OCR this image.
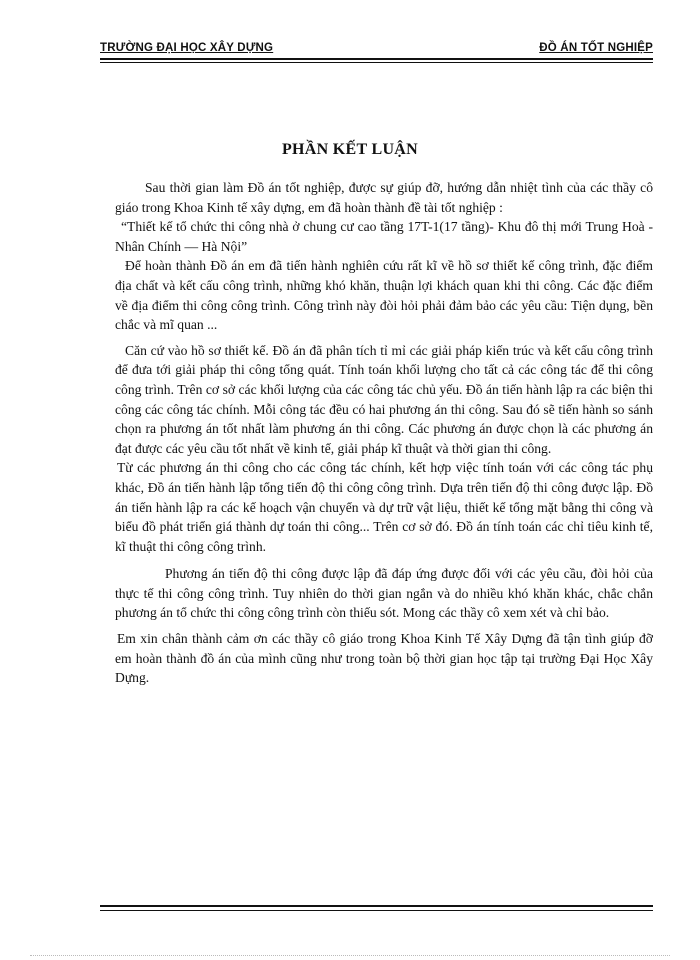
TRƯỜNG ĐẠI HỌC XÂY DỰNG	ĐỒ ÁN TỐT NGHIỆP
PHẦN KẾT LUẬN

Sau thời gian làm Đồ án tốt nghiệp, được sự giúp đỡ, hướng dẫn nhiệt tình của các thầy cô giáo trong Khoa Kinh tế xây dựng, em đã hoàn thành đề tài tốt nghiệp :

“Thiết kế tổ chức thi công nhà ở chung cư cao tầng 17T-1(17 tầng)- Khu đô thị mới Trung Hoà - Nhân Chính — Hà Nội”

Để hoàn thành Đồ án em đã tiến hành nghiên cứu rất kĩ về hồ sơ thiết kế công trình, đặc điểm địa chất và kết cấu công trình, những khó khăn, thuận lợi khách quan khi thi công. Các đặc điểm về địa điểm thi công công trình. Công trình này đòi hỏi phải đảm bảo các yêu cầu: Tiện dụng, bền chắc và mĩ quan ...

Căn cứ vào hồ sơ thiết kế. Đồ án đã phân tích tỉ mỉ các giải pháp kiến trúc và kết cấu công trình để đưa tới giải pháp thi công tổng quát. Tính toán khối lượng cho tất cả các công tác để thi công công trình. Trên cơ sở các khối lượng của các công tác chủ yếu. Đồ án tiến hành lập ra các biện thi công các công tác chính. Mỗi công tác đều có hai phương án thi công. Sau đó sẽ tiến hành so sánh chọn ra phương án tốt nhất làm phương án thi công. Các phương án được chọn là các phương án đạt được các yêu cầu tốt nhất về kinh tế, giải pháp kĩ thuật và thời gian thi công.

Từ các phương án thi công cho các công tác chính, kết hợp việc tính toán với các công tác phụ khác, Đồ án tiến hành lập tổng tiến độ thi công công trình. Dựa trên tiến độ thi công được lập. Đồ án tiến hành lập ra các kế hoạch vận chuyển và dự trữ vật liệu, thiết kế tổng mặt bằng thi công và biểu đồ phát triển giá thành dự toán thi công... Trên cơ sở đó. Đồ án tính toán các chỉ tiêu kinh tế, kĩ thuật thi công công trình.

Phương án tiến độ thi công được lập đã đáp ứng được đối với các yêu cầu, đòi hỏi của thực tế thi công công trình. Tuy nhiên do thời gian ngắn và do nhiều khó khăn khác, chắc chắn phương án tổ chức thi công công trình còn thiếu sót. Mong các thầy cô xem xét và chỉ bảo.

Em xin chân thành cảm ơn các thầy cô giáo trong Khoa Kinh Tế Xây Dựng đã tận tình giúp đỡ em hoàn thành đồ án của mình cũng như trong toàn bộ thời gian học tập tại trường Đại Học Xây Dựng.
